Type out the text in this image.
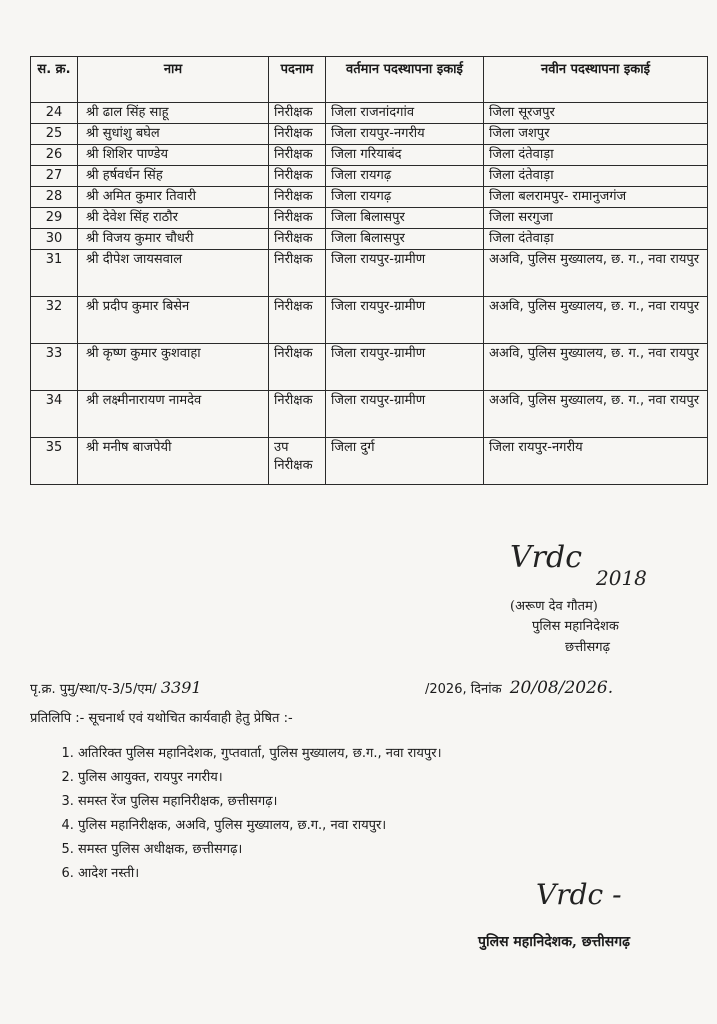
स. क्र.	नाम	पदनाम	वर्तमान पदस्थापना इकाई	नवीन पदस्थापना इकाई
24	श्री ढाल सिंह साहू	निरीक्षक	जिला राजनांदगांव	जिला सूरजपुर
25	श्री सुधांशु बघेल	निरीक्षक	जिला रायपुर-नगरीय	जिला जशपुर
26	श्री शिशिर पाण्डेय	निरीक्षक	जिला गरियाबंद	जिला दंतेवाड़ा
27	श्री हर्षवर्धन सिंह	निरीक्षक	जिला रायगढ़	जिला दंतेवाड़ा
28	श्री अमित कुमार तिवारी	निरीक्षक	जिला रायगढ़	जिला बलरामपुर- रामानुजगंज
29	श्री देवेश सिंह राठौर	निरीक्षक	जिला बिलासपुर	जिला सरगुजा
30	श्री विजय कुमार चौधरी	निरीक्षक	जिला बिलासपुर	जिला दंतेवाड़ा
31	श्री दीपेश जायसवाल	निरीक्षक	जिला रायपुर-ग्रामीण	अअवि, पुलिस मुख्यालय, छ. ग., नवा रायपुर
32	श्री प्रदीप कुमार बिसेन	निरीक्षक	जिला रायपुर-ग्रामीण	अअवि, पुलिस मुख्यालय, छ. ग., नवा रायपुर
33	श्री कृष्ण कुमार कुशवाहा	निरीक्षक	जिला रायपुर-ग्रामीण	अअवि, पुलिस मुख्यालय, छ. ग., नवा रायपुर
34	श्री लक्ष्मीनारायण नामदेव	निरीक्षक	जिला रायपुर-ग्रामीण	अअवि, पुलिस मुख्यालय, छ. ग., नवा रायपुर
35	श्री मनीष बाजपेयी	उप निरीक्षक	जिला दुर्ग	जिला रायपुर-नगरीय
Vrdc
2018
(अरूण देव गौतम)
पुलिस महानिदेशक
छत्तीसगढ़
पृ.क्र. पुमु/स्था/ए-3/5/एम/ 3391	/2026, दिनांक 20/08/2026.
प्रतिलिपि :- सूचनार्थ एवं यथोचित कार्यवाही हेतु प्रेषित :-
1. अतिरिक्त पुलिस महानिदेशक, गुप्तवार्ता, पुलिस मुख्यालय, छ.ग., नवा रायपुर।
2. पुलिस आयुक्त, रायपुर नगरीय।
3. समस्त रेंज पुलिस महानिरीक्षक, छत्तीसगढ़।
4. पुलिस महानिरीक्षक, अअवि, पुलिस मुख्यालय, छ.ग., नवा रायपुर।
5. समस्त पुलिस अधीक्षक, छत्तीसगढ़।
6. आदेश नस्ती।
Vrdc -
पुलिस महानिदेशक, छत्तीसगढ़
